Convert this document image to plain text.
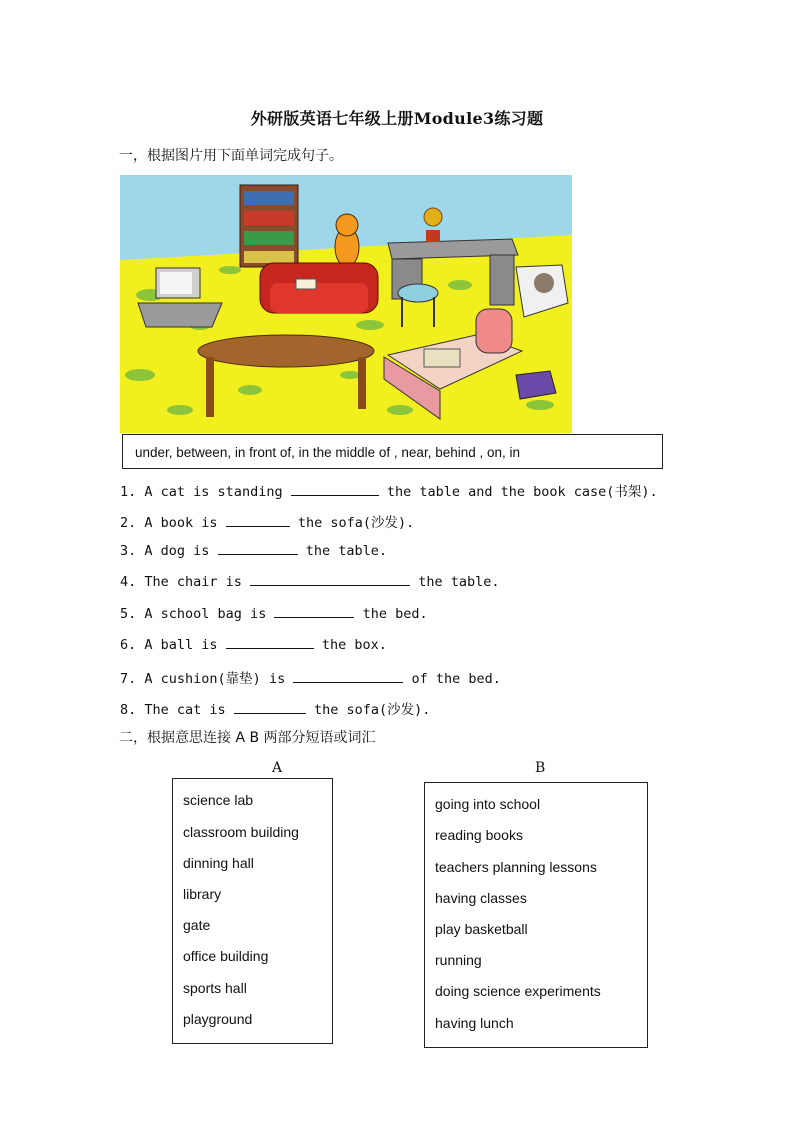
外研版英语七年级上册Module3练习题
一，根据图片用下面单词完成句子。
under, between, in front of, in the middle of , near, behind , on, in
1. A cat is standing	the table and the book case(书架).
2. A book is	the sofa(沙发).
3. A dog is	the table.
4. The chair is	the table.
5. A school bag is	the bed.
6. A ball is	the box.
7. A cushion(靠垫) is	of the bed.
8. The cat is	the sofa(沙发).
二，根据意思连接 A B 两部分短语或词汇
A	B
science lab
classroom building
dinning hall
library
gate
office building
sports hall
playground
going into school
reading books
teachers planning lessons
having classes
play basketball
running
doing science experiments
having lunch
